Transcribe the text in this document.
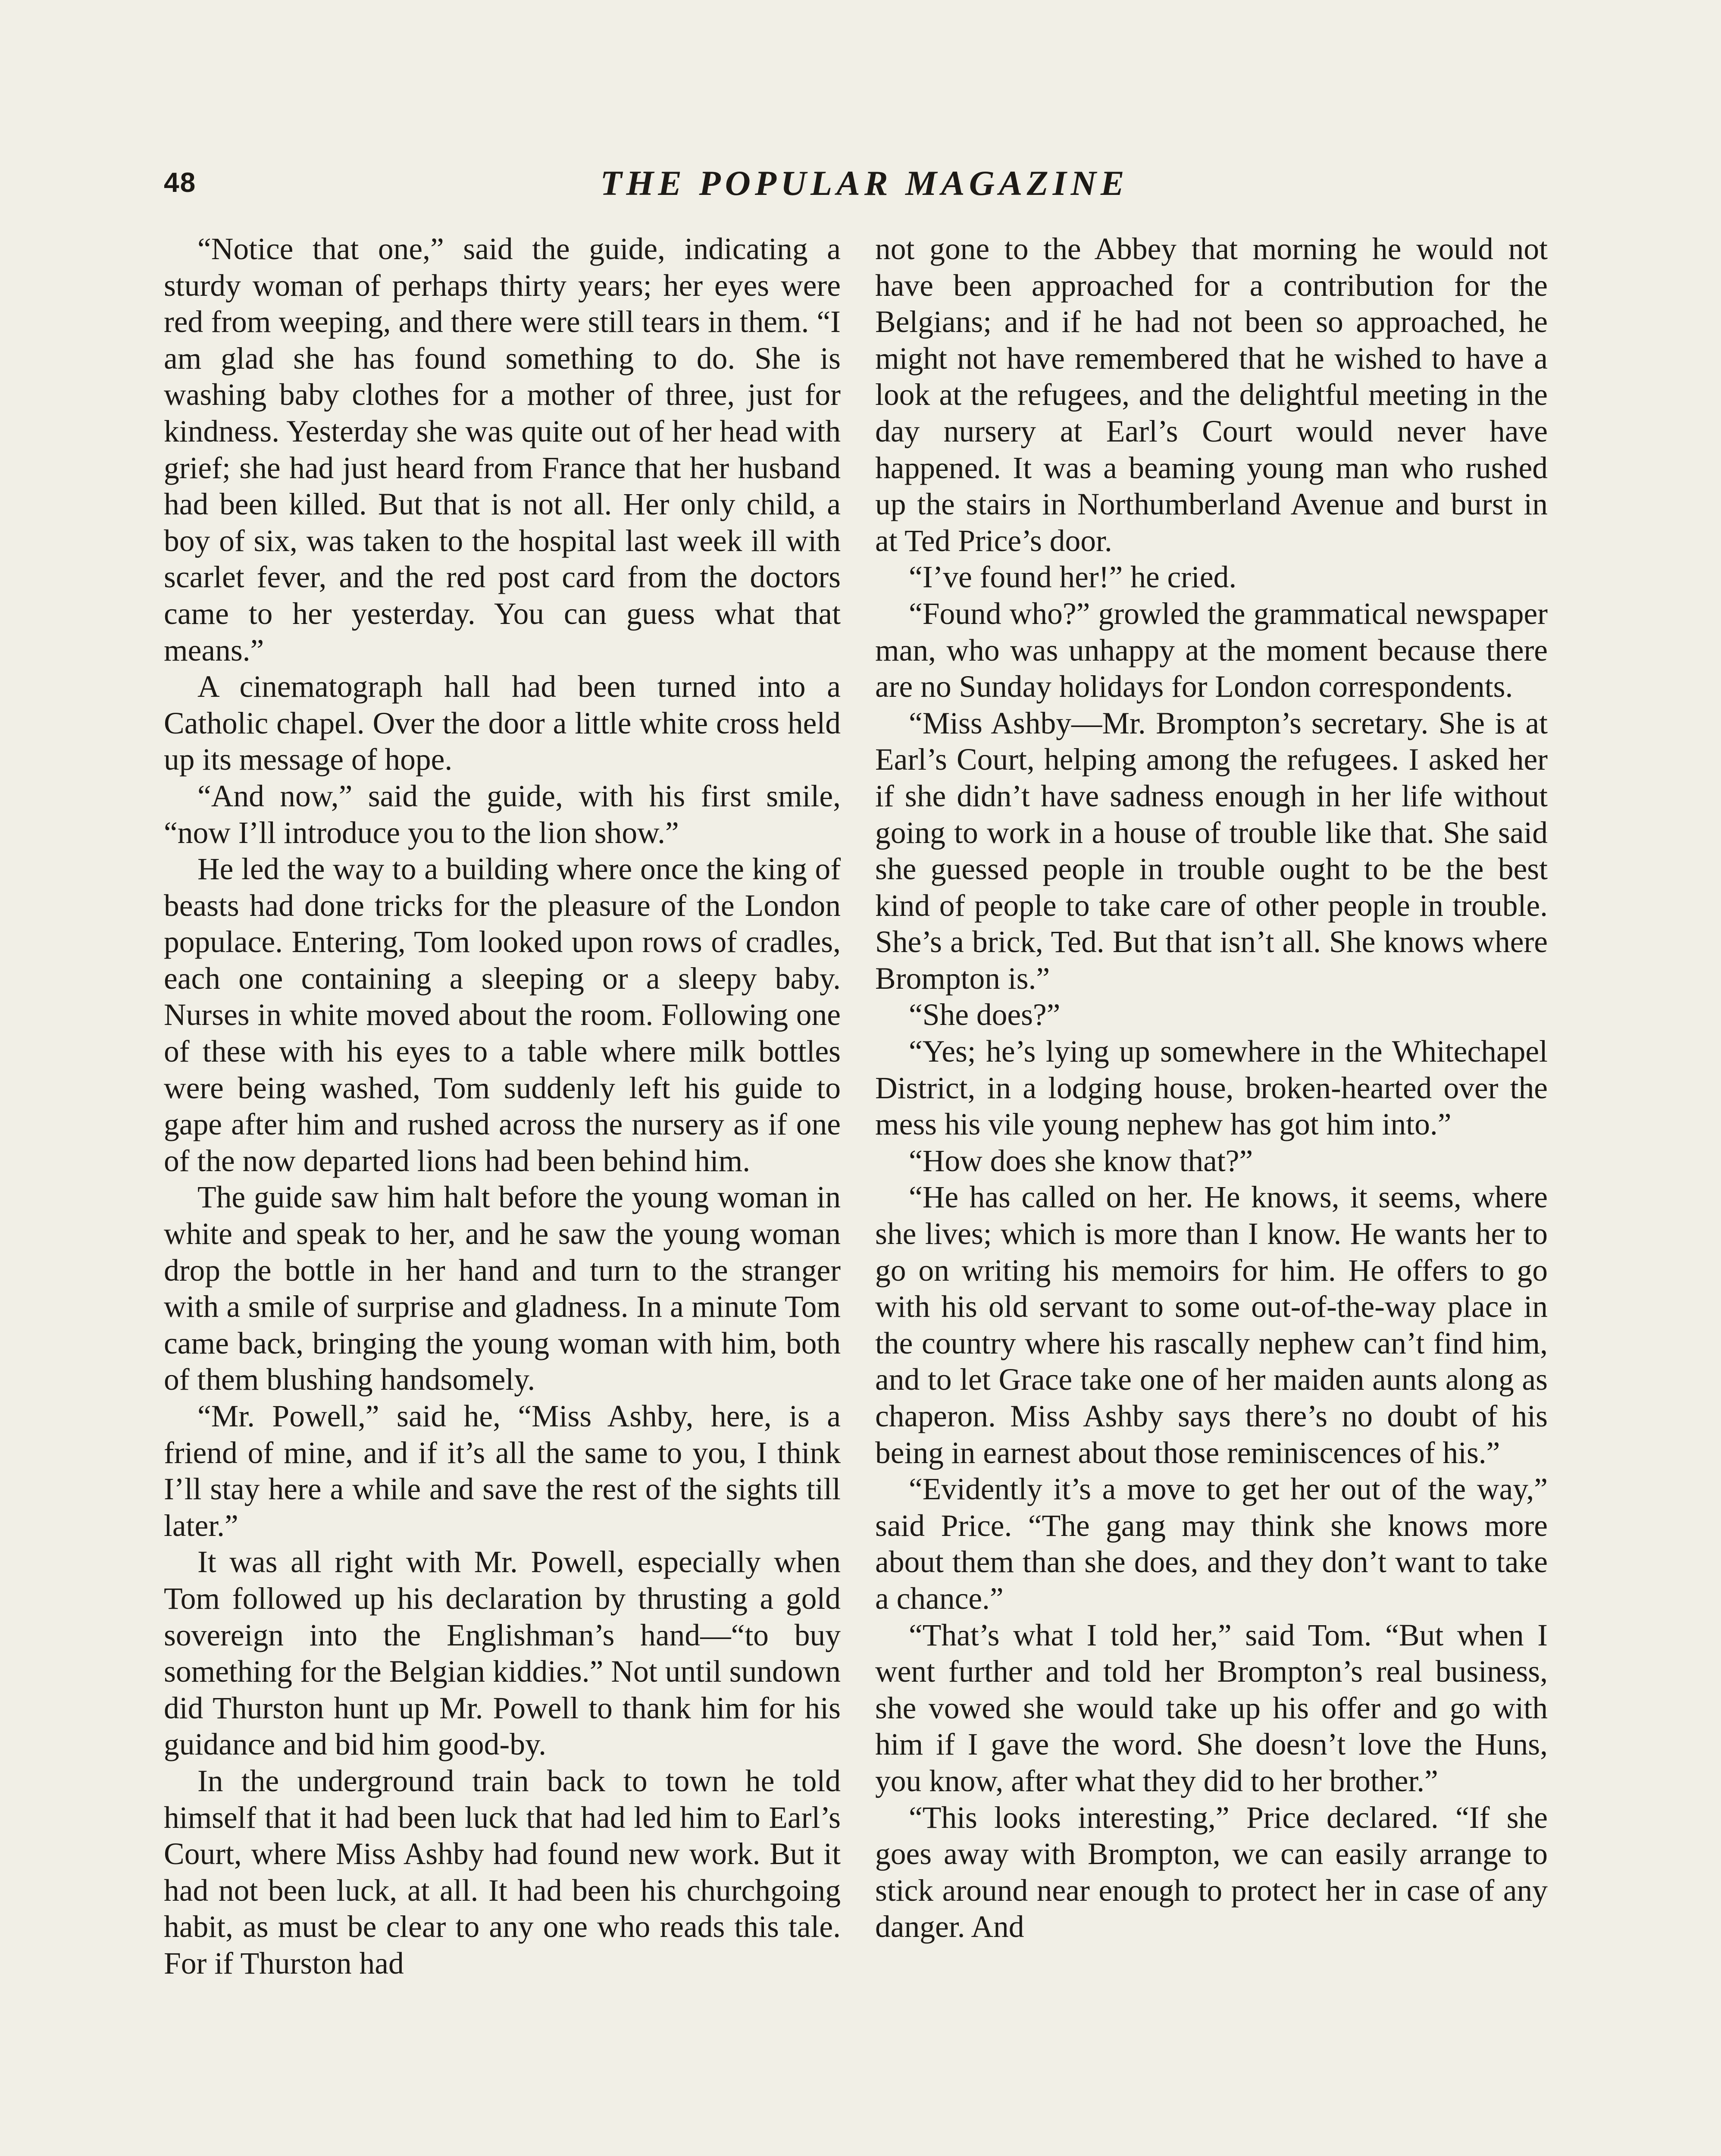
48	THE POPULAR MAGAZINE

“Notice that one,” said the guide, indicating a sturdy woman of perhaps thirty years; her eyes were red from weeping, and there were still tears in them. “I am glad she has found something to do. She is washing baby clothes for a mother of three, just for kindness. Yesterday she was quite out of her head with grief; she had just heard from France that her husband had been killed. But that is not all. Her only child, a boy of six, was taken to the hospital last week ill with scarlet fever, and the red post card from the doctors came to her yesterday. You can guess what that means.”

A cinematograph hall had been turned into a Catholic chapel. Over the door a little white cross held up its message of hope.

“And now,” said the guide, with his first smile, “now I’ll introduce you to the lion show.”

He led the way to a building where once the king of beasts had done tricks for the pleasure of the London populace. Entering, Tom looked upon rows of cradles, each one containing a sleeping or a sleepy baby. Nurses in white moved about the room. Following one of these with his eyes to a table where milk bottles were being washed, Tom suddenly left his guide to gape after him and rushed across the nursery as if one of the now departed lions had been behind him.

The guide saw him halt before the young woman in white and speak to her, and he saw the young woman drop the bottle in her hand and turn to the stranger with a smile of surprise and gladness. In a minute Tom came back, bringing the young woman with him, both of them blushing handsomely.

“Mr. Powell,” said he, “Miss Ashby, here, is a friend of mine, and if it’s all the same to you, I think I’ll stay here a while and save the rest of the sights till later.”

It was all right with Mr. Powell, especially when Tom followed up his declaration by thrusting a gold sovereign into the Englishman’s hand—“to buy something for the Belgian kiddies.” Not until sundown did Thurston hunt up Mr. Powell to thank him for his guidance and bid him good-by.

In the underground train back to town he told himself that it had been luck that had led him to Earl’s Court, where Miss Ashby had found new work. But it had not been luck, at all. It had been his churchgoing habit, as must be clear to any one who reads this tale. For if Thurston had

not gone to the Abbey that morning he would not have been approached for a contribution for the Belgians; and if he had not been so approached, he might not have remembered that he wished to have a look at the refugees, and the delightful meeting in the day nursery at Earl’s Court would never have happened. It was a beaming young man who rushed up the stairs in Northumberland Avenue and burst in at Ted Price’s door.

“I’ve found her!” he cried.

“Found who?” growled the grammatical newspaper man, who was unhappy at the moment because there are no Sunday holidays for London correspondents.

“Miss Ashby—Mr. Brompton’s secretary. She is at Earl’s Court, helping among the refugees. I asked her if she didn’t have sadness enough in her life without going to work in a house of trouble like that. She said she guessed people in trouble ought to be the best kind of people to take care of other people in trouble. She’s a brick, Ted. But that isn’t all. She knows where Brompton is.”

“She does?”

“Yes; he’s lying up somewhere in the Whitechapel District, in a lodging house, broken-hearted over the mess his vile young nephew has got him into.”

“How does she know that?”

“He has called on her. He knows, it seems, where she lives; which is more than I know. He wants her to go on writing his memoirs for him. He offers to go with his old servant to some out-of-the-way place in the country where his rascally nephew can’t find him, and to let Grace take one of her maiden aunts along as chaperon. Miss Ashby says there’s no doubt of his being in earnest about those reminiscences of his.”

“Evidently it’s a move to get her out of the way,” said Price. “The gang may think she knows more about them than she does, and they don’t want to take a chance.”

“That’s what I told her,” said Tom. “But when I went further and told her Brompton’s real business, she vowed she would take up his offer and go with him if I gave the word. She doesn’t love the Huns, you know, after what they did to her brother.”

“This looks interesting,” Price declared. “If she goes away with Brompton, we can easily arrange to stick around near enough to protect her in case of any danger. And
